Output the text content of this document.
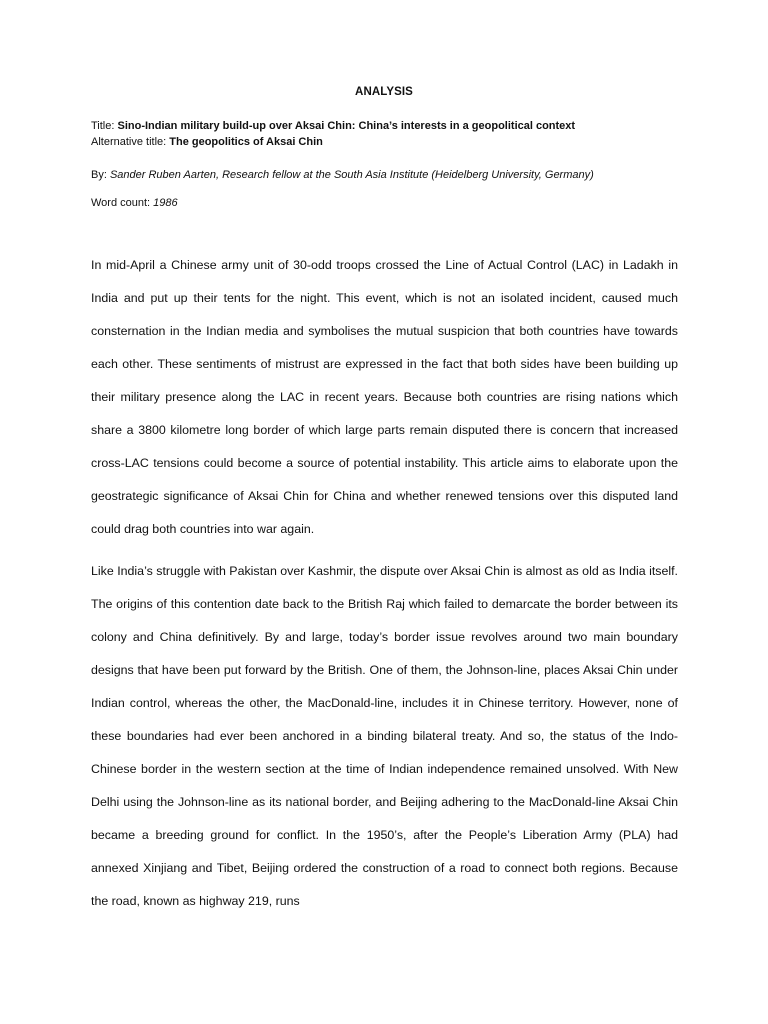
ANALYSIS
Title: Sino-Indian military build-up over Aksai Chin: China’s interests in a geopolitical context
Alternative title: The geopolitics of Aksai Chin
By: Sander Ruben Aarten, Research fellow at the South Asia Institute (Heidelberg University, Germany)
Word count: 1986

In mid-April a Chinese army unit of 30-odd troops crossed the Line of Actual Control (LAC) in Ladakh in India and put up their tents for the night. This event, which is not an isolated incident, caused much consternation in the Indian media and symbolises the mutual suspicion that both countries have towards each other. These sentiments of mistrust are expressed in the fact that both sides have been building up their military presence along the LAC in recent years. Because both countries are rising nations which share a 3800 kilometre long border of which large parts remain disputed there is concern that increased cross-LAC tensions could become a source of potential instability. This article aims to elaborate upon the geostrategic significance of Aksai Chin for China and whether renewed tensions over this disputed land could drag both countries into war again.

Like India’s struggle with Pakistan over Kashmir, the dispute over Aksai Chin is almost as old as India itself. The origins of this contention date back to the British Raj which failed to demarcate the border between its colony and China definitively. By and large, today’s border issue revolves around two main boundary designs that have been put forward by the British. One of them, the Johnson-line, places Aksai Chin under Indian control, whereas the other, the MacDonald-line, includes it in Chinese territory. However, none of these boundaries had ever been anchored in a binding bilateral treaty. And so, the status of the Indo-Chinese border in the western section at the time of Indian independence remained unsolved. With New Delhi using the Johnson-line as its national border, and Beijing adhering to the MacDonald-line Aksai Chin became a breeding ground for conflict. In the 1950’s, after the People’s Liberation Army (PLA) had annexed Xinjiang and Tibet, Beijing ordered the construction of a road to connect both regions. Because the road, known as highway 219, runs
